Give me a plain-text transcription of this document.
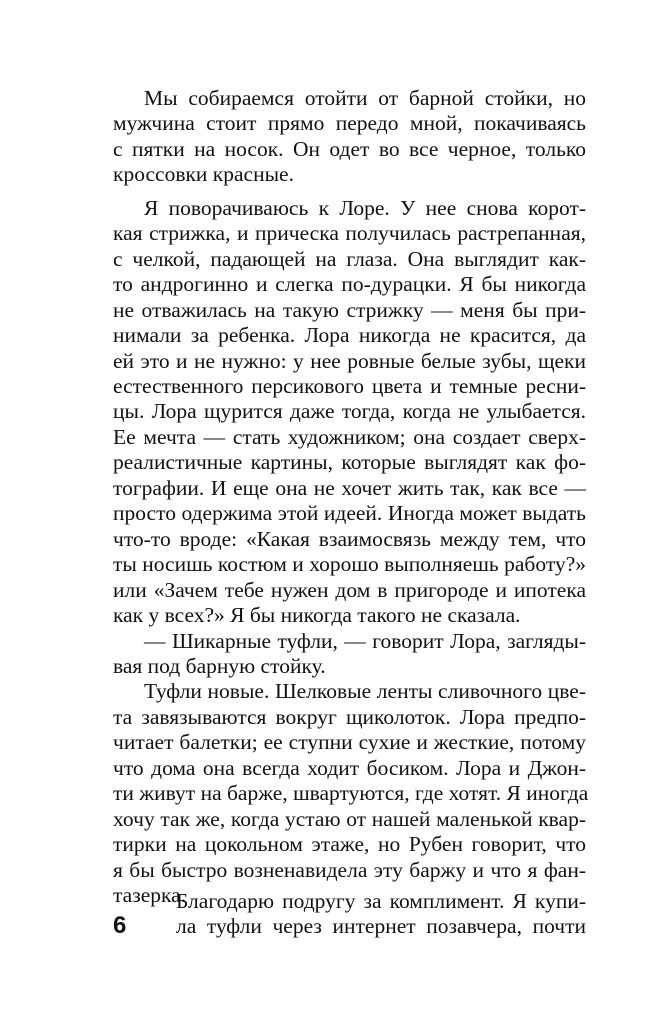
Мы собираемся отойти от барной стойки, но
мужчина стоит прямо передо мной, покачиваясь
с пятки на носок. Он одет во все черное, только
кроссовки красные.
Я поворачиваюсь к Лоре. У нее снова корот-
кая стрижка, и прическа получилась растрепанная,
с челкой, падающей на глаза. Она выглядит как-
то андрогинно и слегка по-дурацки. Я бы никогда
не отважилась на такую стрижку — меня бы при-
нимали за ребенка. Лора никогда не красится, да
ей это и не нужно: у нее ровные белые зубы, щеки
естественного персикового цвета и темные ресни-
цы. Лора щурится даже тогда, когда не улыбается.
Ее мечта — стать художником; она создает сверх-
реалистичные картины, которые выглядят как фо-
тографии. И еще она не хочет жить так, как все —
просто одержима этой идеей. Иногда может выдать
что-то вроде: «Какая взаимосвязь между тем, что
ты носишь костюм и хорошо выполняешь работу?»
или «Зачем тебе нужен дом в пригороде и ипотека
как у всех?» Я бы никогда такого не сказала.
— Шикарные туфли, — говорит Лора, загляды-
вая под барную стойку.
Туфли новые. Шелковые ленты сливочного цве-
та завязываются вокруг щиколоток. Лора предпо-
читает балетки; ее ступни сухие и жесткие, потому
что дома она всегда ходит босиком. Лора и Джон-
ти живут на барже, швартуются, где хотят. Я иногда
хочу так же, когда устаю от нашей маленькой квар-
тирки на цокольном этаже, но Рубен говорит, что
я бы быстро возненавидела эту баржу и что я фан-
тазерка.
Благодарю подругу за комплимент. Я купи-
ла туфли через интернет позавчера, почти
6
